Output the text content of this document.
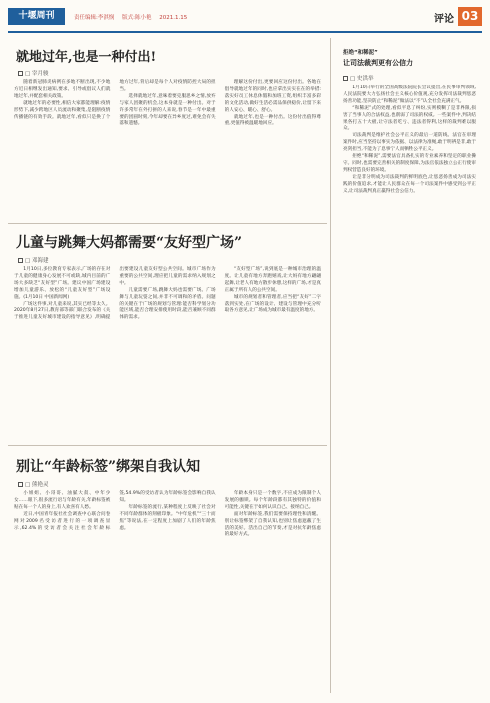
十堰周刊	责任编辑:李淇悯 版式:陈小艳 2021.1.15	评论 03
就地过年,也是一种付出!
□ 宰月骏

随着新冠肺炎病例在多地不断出现,不少地方近日相继发出通知,要求、引导或倡议人们就地过年,并配套相关政策。

就地过年的必要性,相信大家都能理解:疫情形势下,减少跨地区人员流动和聚集,是阻断疫情传播链的有效手段。就地过年,看似只是换了个地方过年,背后却是每个人对疫情防控大局的担当。

选择就地过年,意味着要克服思乡之情,放弃与家人团聚的机会,这本身就是一种付出。对于许多常年在外打拼的人来说,春节是一年中最重要的团圆时刻,今年却要在异乡度过,难免会有失落和遗憾。

理解这份付出,更要回应这份付出。各地在倡导就地过年的同时,也应拿出实实在在的举措:落实好员工休息休假和加班工资,组织丰富多彩的文化活动,做好生活必需品保供稳价,让留下来的人安心、暖心、舒心。

就地过年,也是一种付出。这份付出值得尊重,更值得被温暖地回应。

儿童与跳舞大妈都需要“友好型广场”
□ 邓海建

1月10日,多位教育专家表示,广场的存在对于儿童的健康身心发展不可或缺,城内目前的广场大多缺乏“友好型”广场。建议中国广场建设增加儿童游乐、放松的“儿童友好型”广场设施。(1月10日 中国新闻网)

广场这件事,对儿童来说,其实已经等太久。2020年8月27日,教育部等部门联合发布的《关于推进儿童友好城市建设的指导意见》,明确提出要建设儿童友好型公共空间。城市广场作为重要的公共空间,理应把儿童的需求纳入规划之中。

儿童需要广场,跳舞大妈也需要广场。广场舞与儿童玩耍之间,并非不可调和的矛盾。问题的关键在于广场的规划与管理:能否科学划分功能区域,能否合理安排使用时段,能否兼顾不同群体的需求。

“友好型广场”,说到底是一种城市治理的温度。让儿童有地方奔跑嬉戏,让大妈有地方翩翩起舞,让老人有地方散步休憩,这样的广场,才是真正属于所有人的公共空间。

城市的规划者和管理者,应当把“友好”二字落到实处,在广场的设计、建设与管理中充分听取各方意见,让广场成为城市最有温度的地方。

别让“年龄标签”绑架自我认知
□ 熊艳灵

小姐姐、小哥哥、油腻大叔、中年少女……眼下,很多流行语与年龄有关,年龄标签被贴在每一个人的身上,有人欢喜有人愁。

近日,中国青年报社社会调查中心联合问卷网对2009名受访者进行的一项调查显示,62.4%的受访者会关注社会年龄标签,54.9%的受访者认为年龄标签会影响自我认知。

年龄标签的流行,某种程度上反映了社会对不同年龄群体的刻板印象。“中年危机”“三十而焦”等说法,在一定程度上加剧了人们的年龄焦虑。

年龄本身只是一个数字,不应成为限制个人发展的枷锁。每个年龄段都有其独特的价值和可能性,关键在于如何认识自己、接纳自己。

面对年龄标签,我们需要保持理性和清醒。别让标签绑架了自我认知,也别让焦虑遮蔽了生活的美好。活出自己的节奏,才是对抗年龄焦虑的最好方式。

拒绝“和稀泥”
让司法裁判更有公信力
□ 史洪举

1月10日举行的全国高级法院院长会议提出,在民事审判领域,人民法院要大力弘扬社会主义核心价值观,充分发挥司法裁判惩恶扬善功能,坚决防止“和稀泥”做法以“不”认全社会充满正气。

“和稀泥”式的处理,看似平息了纠纷,实则模糊了是非界限,损害了当事人的合法权益,也削弱了司法的权威。一些案件中,判决结果各打五十大板,让守法者吃亏、违法者得利,这样的裁判难以服众。

司法裁判是维护社会公平正义的最后一道防线。法官在审理案件时,应当坚持以事实为依据、以法律为准绳,敢于明辨是非,敢于亮剑担当,不能为了息事宁人而牺牲公平正义。

拒绝“和稀泥”,需要法官具备扎实的专业素养和坚定的职业操守。同时,也需要完善相关的制度保障,为法官依法独立公正行使审判权营造良好的环境。

让是非分明成为司法裁判的鲜明底色,让惩恶扬善成为司法实践的价值追求,才能让人民群众在每一个司法案件中感受到公平正义,让司法裁判真正赢得社会公信力。
